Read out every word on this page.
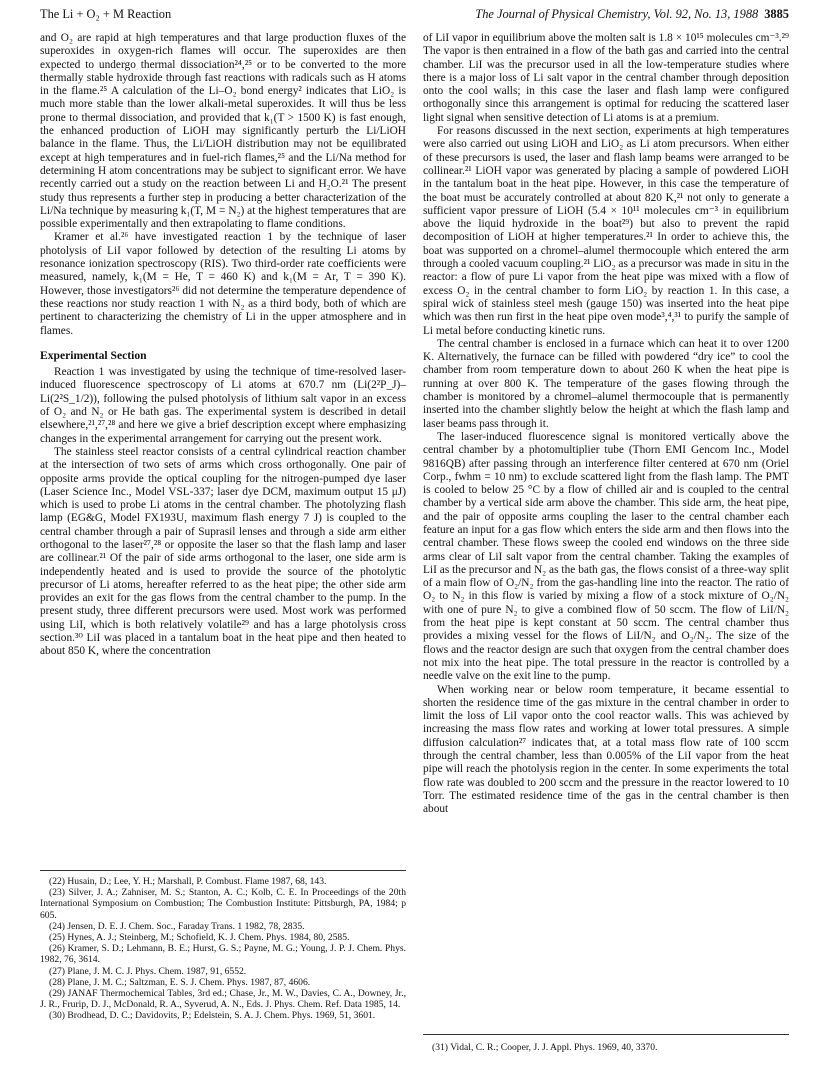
The Li + O₂ + M Reaction	The Journal of Physical Chemistry, Vol. 92, No. 13, 1988 3885

and O₂ are rapid at high temperatures and that large production fluxes of the superoxides in oxygen-rich flames will occur. The superoxides are then expected to undergo thermal dissociation²⁴,²⁵ or to be converted to the more thermally stable hydroxide through fast reactions with radicals such as H atoms in the flame.²⁵ A calculation of the Li–O₂ bond energy² indicates that LiO₂ is much more stable than the lower alkali-metal superoxides. It will thus be less prone to thermal dissociation, and provided that k₁(T > 1500 K) is fast enough, the enhanced production of LiOH may significantly perturb the Li/LiOH balance in the flame. Thus, the Li/LiOH distribution may not be equilibrated except at high temperatures and in fuel-rich flames,²⁵ and the Li/Na method for determining H atom concentrations may be subject to significant error. We have recently carried out a study on the reaction between Li and H₂O.²¹ The present study thus represents a further step in producing a better characterization of the Li/Na technique by measuring k₁(T, M = N₂) at the highest temperatures that are possible experimentally and then extrapolating to flame conditions.

Kramer et al.²⁶ have investigated reaction 1 by the technique of laser photolysis of LiI vapor followed by detection of the resulting Li atoms by resonance ionization spectroscopy (RIS). Two third-order rate coefficients were measured, namely, k₁(M = He, T = 460 K) and k₁(M = Ar, T = 390 K). However, those investigators²⁶ did not determine the temperature dependence of these reactions nor study reaction 1 with N₂ as a third body, both of which are pertinent to characterizing the chemistry of Li in the upper atmosphere and in flames.

Experimental Section

Reaction 1 was investigated by using the technique of time-resolved laser-induced fluorescence spectroscopy of Li atoms at 670.7 nm (Li(2²P_J)–Li(2²S_1/2)), following the pulsed photolysis of lithium salt vapor in an excess of O₂ and N₂ or He bath gas. The experimental system is described in detail elsewhere,²¹,²⁷,²⁸ and here we give a brief description except where emphasizing changes in the experimental arrangement for carrying out the present work.

The stainless steel reactor consists of a central cylindrical reaction chamber at the intersection of two sets of arms which cross orthogonally. One pair of opposite arms provide the optical coupling for the nitrogen-pumped dye laser (Laser Science Inc., Model VSL-337; laser dye DCM, maximum output 15 μJ) which is used to probe Li atoms in the central chamber. The photolyzing flash lamp (EG&G, Model FX193U, maximum flash energy 7 J) is coupled to the central chamber through a pair of Suprasil lenses and through a side arm either orthogonal to the laser²⁷,²⁸ or opposite the laser so that the flash lamp and laser are collinear.²¹ Of the pair of side arms orthogonal to the laser, one side arm is independently heated and is used to provide the source of the photolytic precursor of Li atoms, hereafter referred to as the heat pipe; the other side arm provides an exit for the gas flows from the central chamber to the pump. In the present study, three different precursors were used. Most work was performed using LiI, which is both relatively volatile²⁹ and has a large photolysis cross section.³⁰ LiI was placed in a tantalum boat in the heat pipe and then heated to about 850 K, where the concentration

(22) Husain, D.; Lee, Y. H.; Marshall, P. Combust. Flame 1987, 68, 143.

(23) Silver, J. A.; Zahniser, M. S.; Stanton, A. C.; Kolb, C. E. In Proceedings of the 20th International Symposium on Combustion; The Combustion Institute: Pittsburgh, PA, 1984; p 605.

(24) Jensen, D. E. J. Chem. Soc., Faraday Trans. 1 1982, 78, 2835.

(25) Hynes, A. J.; Steinberg, M.; Schofield, K. J. Chem. Phys. 1984, 80, 2585.

(26) Kramer, S. D.; Lehmann, B. E.; Hurst, G. S.; Payne, M. G.; Young, J. P. J. Chem. Phys. 1982, 76, 3614.

(27) Plane, J. M. C. J. Phys. Chem. 1987, 91, 6552.

(28) Plane, J. M. C.; Saltzman, E. S. J. Chem. Phys. 1987, 87, 4606.

(29) JANAF Thermochemical Tables, 3rd ed.; Chase, Jr., M. W., Davies, C. A., Downey, Jr., J. R., Frurip, D. J., McDonald, R. A., Syverud, A. N., Eds. J. Phys. Chem. Ref. Data 1985, 14.

(30) Brodhead, D. C.; Davidovits, P.; Edelstein, S. A. J. Chem. Phys. 1969, 51, 3601.

of LiI vapor in equilibrium above the molten salt is 1.8 × 10¹⁵ molecules cm⁻³.²⁹ The vapor is then entrained in a flow of the bath gas and carried into the central chamber. LiI was the precursor used in all the low-temperature studies where there is a major loss of Li salt vapor in the central chamber through deposition onto the cool walls; in this case the laser and flash lamp were configured orthogonally since this arrangement is optimal for reducing the scattered laser light signal when sensitive detection of Li atoms is at a premium.

For reasons discussed in the next section, experiments at high temperatures were also carried out using LiOH and LiO₂ as Li atom precursors. When either of these precursors is used, the laser and flash lamp beams were arranged to be collinear.²¹ LiOH vapor was generated by placing a sample of powdered LiOH in the tantalum boat in the heat pipe. However, in this case the temperature of the boat must be accurately controlled at about 820 K,²¹ not only to generate a sufficient vapor pressure of LiOH (5.4 × 10¹¹ molecules cm⁻³ in equilibrium above the liquid hydroxide in the boat²⁹) but also to prevent the rapid decomposition of LiOH at higher temperatures.²¹ In order to achieve this, the boat was supported on a chromel–alumel thermocouple which entered the arm through a cooled vacuum coupling.²¹ LiO₂ as a precursor was made in situ in the reactor: a flow of pure Li vapor from the heat pipe was mixed with a flow of excess O₂ in the central chamber to form LiO₂ by reaction 1. In this case, a spiral wick of stainless steel mesh (gauge 150) was inserted into the heat pipe which was then run first in the heat pipe oven mode³,⁴,³¹ to purify the sample of Li metal before conducting kinetic runs.

The central chamber is enclosed in a furnace which can heat it to over 1200 K. Alternatively, the furnace can be filled with powdered “dry ice” to cool the chamber from room temperature down to about 260 K when the heat pipe is running at over 800 K. The temperature of the gases flowing through the chamber is monitored by a chromel–alumel thermocouple that is permanently inserted into the chamber slightly below the height at which the flash lamp and laser beams pass through it.

The laser-induced fluorescence signal is monitored vertically above the central chamber by a photomultiplier tube (Thorn EMI Gencom Inc., Model 9816QB) after passing through an interference filter centered at 670 nm (Oriel Corp., fwhm = 10 nm) to exclude scattered light from the flash lamp. The PMT is cooled to below 25 °C by a flow of chilled air and is coupled to the central chamber by a vertical side arm above the chamber. This side arm, the heat pipe, and the pair of opposite arms coupling the laser to the central chamber each feature an input for a gas flow which enters the side arm and then flows into the central chamber. These flows sweep the cooled end windows on the three side arms clear of LiI salt vapor from the central chamber. Taking the examples of LiI as the precursor and N₂ as the bath gas, the flows consist of a three-way split of a main flow of O₂/N₂ from the gas-handling line into the reactor. The ratio of O₂ to N₂ in this flow is varied by mixing a flow of a stock mixture of O₂/N₂ with one of pure N₂ to give a combined flow of 50 sccm. The flow of LiI/N₂ from the heat pipe is kept constant at 50 sccm. The central chamber thus provides a mixing vessel for the flows of LiI/N₂ and O₂/N₂. The size of the flows and the reactor design are such that oxygen from the central chamber does not mix into the heat pipe. The total pressure in the reactor is controlled by a needle valve on the exit line to the pump.

When working near or below room temperature, it became essential to shorten the residence time of the gas mixture in the central chamber in order to limit the loss of LiI vapor onto the cool reactor walls. This was achieved by increasing the mass flow rates and working at lower total pressures. A simple diffusion calculation²⁷ indicates that, at a total mass flow rate of 100 sccm through the central chamber, less than 0.005% of the LiI vapor from the heat pipe will reach the photolysis region in the center. In some experiments the total flow rate was doubled to 200 sccm and the pressure in the reactor lowered to 10 Torr. The estimated residence time of the gas in the central chamber is then about

(31) Vidal, C. R.; Cooper, J. J. Appl. Phys. 1969, 40, 3370.
